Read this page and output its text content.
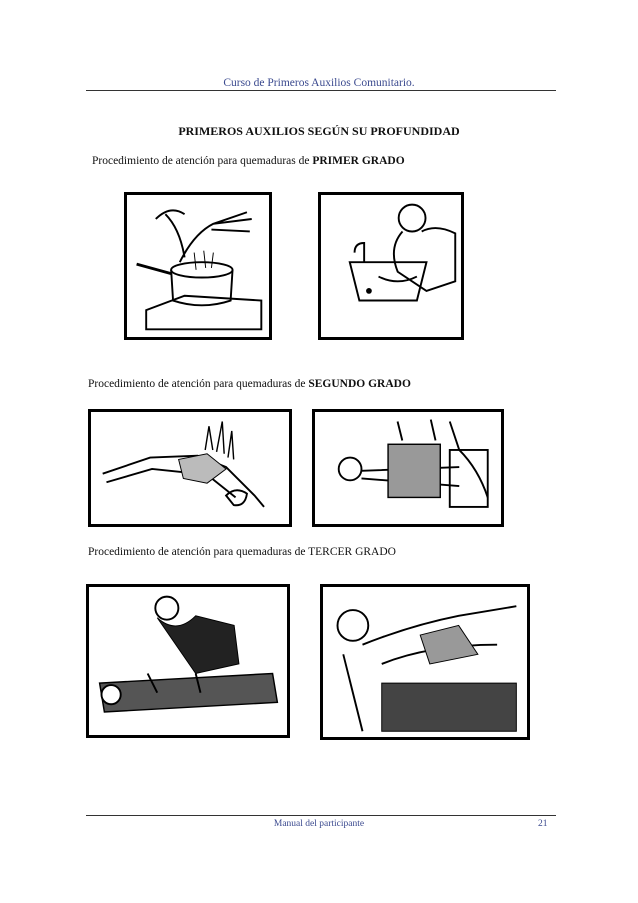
Curso de Primeros Auxilios Comunitario.
PRIMEROS AUXILIOS SEGÚN SU PROFUNDIDAD
Procedimiento de atención para quemaduras de PRIMER GRADO
Procedimiento de atención para quemaduras de SEGUNDO GRADO
Procedimiento de atención para quemaduras de TERCER GRADO
Manual del participante	21
